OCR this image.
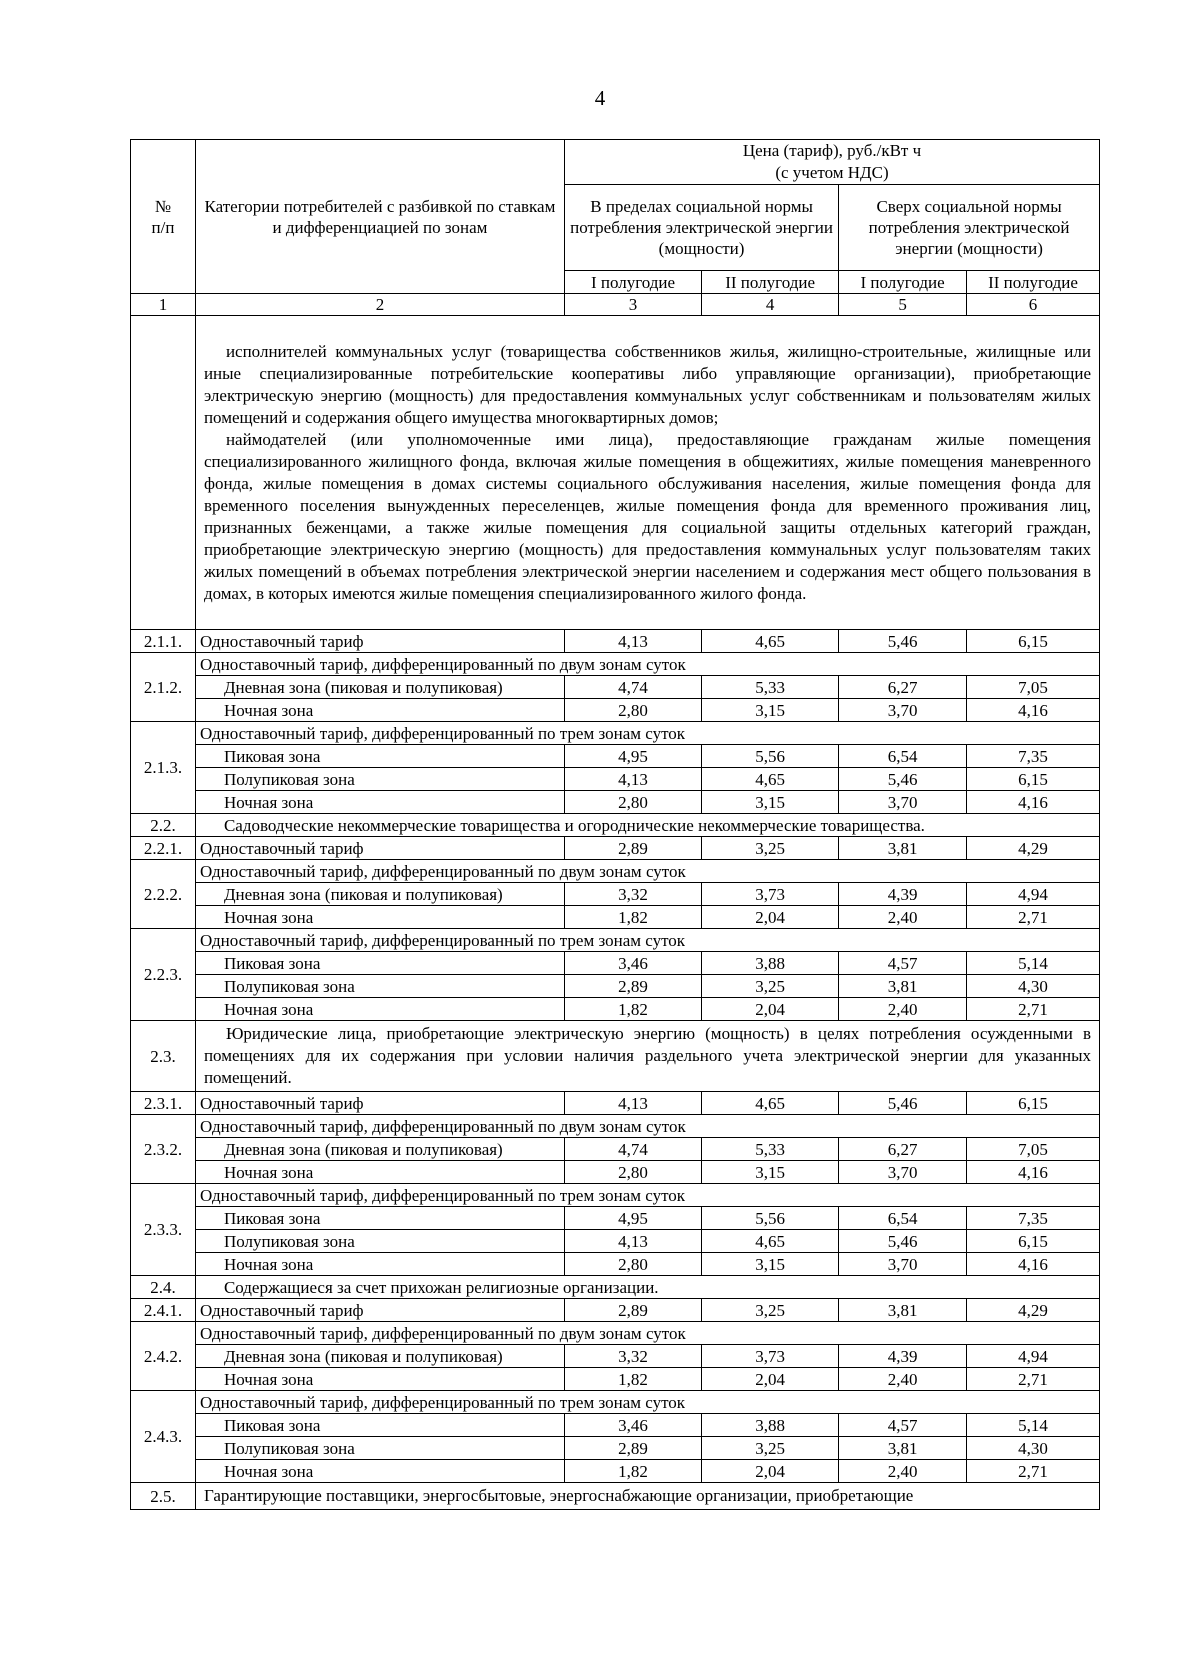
4
№
п/п	Категории потребителей с разбивкой по ставкам и дифференциацией по зонам	Цена (тариф), руб./кВт ч
(с учетом НДС)			
		В пределах социальной нормы потребления электрической энергии (мощности)		Сверх социальной нормы потребления электрической энергии (мощности)	
		I полугодие	II полугодие	I полугодие	II полугодие
1	2	3	4	5	6

	исполнителей коммунальных услуг (товарищества собственников жилья, жилищно-строительные, жилищные или иные специализированные потребительские кооперативы либо управляющие организации), приобретающие электрическую энергию (мощность) для предоставления коммунальных услуг собственникам и пользователям жилых помещений и содержания общего имущества многоквартирных домов;

наймодателей (или уполномоченные ими лица), предоставляющие гражданам жилые помещения специализированного жилищного фонда, включая жилые помещения в общежитиях, жилые помещения маневренного фонда, жилые помещения в домах системы социального обслуживания населения, жилые помещения фонда для временного поселения вынужденных переселенцев, жилые помещения фонда для временного проживания лиц, признанных беженцами, а также жилые помещения для социальной защиты отдельных категорий граждан, приобретающие электрическую энергию (мощность) для предоставления коммунальных услуг пользователям таких жилых помещений в объемах потребления электрической энергии населением и содержания мест общего пользования в домах, в которых имеются жилые помещения специализированного жилого фонда.				

2.1.1.	Одноставочный тариф	4,13	4,65	5,46	6,15
2.1.2.	Одноставочный тариф, дифференцированный по двум зонам суток				
	Дневная зона (пиковая и полупиковая)	4,74	5,33	6,27	7,05
	Ночная зона	2,80	3,15	3,70	4,16
2.1.3.	Одноставочный тариф, дифференцированный по трем зонам суток				
	Пиковая зона	4,95	5,56	6,54	7,35
	Полупиковая зона	4,13	4,65	5,46	6,15
	Ночная зона	2,80	3,15	3,70	4,16
2.2.	Садоводческие некоммерческие товарищества и огороднические некоммерческие товарищества.				
2.2.1.	Одноставочный тариф	2,89	3,25	3,81	4,29
2.2.2.	Одноставочный тариф, дифференцированный по двум зонам суток				
	Дневная зона (пиковая и полупиковая)	3,32	3,73	4,39	4,94
	Ночная зона	1,82	2,04	2,40	2,71
2.2.3.	Одноставочный тариф, дифференцированный по трем зонам суток				
	Пиковая зона	3,46	3,88	4,57	5,14
	Полупиковая зона	2,89	3,25	3,81	4,30
	Ночная зона	1,82	2,04	2,40	2,71
2.3.	Юридические лица, приобретающие электрическую энергию (мощность) в целях потребления осужденными в помещениях для их содержания при условии наличия раздельного учета электрической энергии для указанных помещений.				

2.3.1.	Одноставочный тариф	4,13	4,65	5,46	6,15
2.3.2.	Одноставочный тариф, дифференцированный по двум зонам суток				
	Дневная зона (пиковая и полупиковая)	4,74	5,33	6,27	7,05
	Ночная зона	2,80	3,15	3,70	4,16
2.3.3.	Одноставочный тариф, дифференцированный по трем зонам суток				
	Пиковая зона	4,95	5,56	6,54	7,35
	Полупиковая зона	4,13	4,65	5,46	6,15
	Ночная зона	2,80	3,15	3,70	4,16
2.4.	Содержащиеся за счет прихожан религиозные организации.				
2.4.1.	Одноставочный тариф	2,89	3,25	3,81	4,29
2.4.2.	Одноставочный тариф, дифференцированный по двум зонам суток				
	Дневная зона (пиковая и полупиковая)	3,32	3,73	4,39	4,94
	Ночная зона	1,82	2,04	2,40	2,71
2.4.3.	Одноставочный тариф, дифференцированный по трем зонам суток				
	Пиковая зона	3,46	3,88	4,57	5,14
	Полупиковая зона	2,89	3,25	3,81	4,30
	Ночная зона	1,82	2,04	2,40	2,71
2.5.	Гарантирующие поставщики, энергосбытовые, энергоснабжающие организации, приобретающие				
